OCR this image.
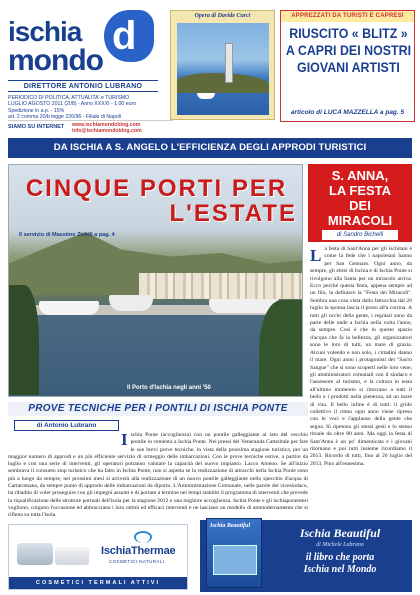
d
ischia
mondo
DIRETTORE ANTONIO LUBRANO
PERIODICO DI POLITICA, ATTUALITA' e TURISMO
LUGLIO AGOSTO 2011 (208) - Anno XXXXI - 1,00 euro
Spedizione in a.p. - 15%
art. 2 comma 20/b legge 226/96 - Filiale di Napoli
SIAMO SU INTERNET www.ischiamondoblog.com
info@ischiamondoblog.com
Opera di Davide Curci	APPREZZATI DA TURISTI E CAPRESI
RIUSCITO « BLITZ »
A CAPRI DEI NOSTRI
GIOVANI ARTISTI
articolo di LUCA MAZZELLA a pag. 5
DA ISCHIA A S. ANGELO L'EFFICIENZA DEGLI APPRODI TURISTICI
CINQUE PORTI PER
L'ESTATE
Il servizio di Massimo Zivelli a pag. 4
Il Porto d'Ischia negli anni '50
S. ANNA,
LA FESTA
DEI
MIRACOLI
di Sandro Bichelli
La festa di Sant'Anna per gli ischitani è come la fede che i napoletani hanno per San Gennaro. Ogni anno, da sempre, gli ebrei di Ischia e di Ischia Ponte si rivolgono alla Santa per un miracolo arriva. Ecco perché questa festa, appena sempre ad un filo, la definisce la "Festa dei Miracoli". Sembra una cosa vista dalla fattucchia dal 26 luglio la sponsa lascia il posto all'a cortina. A tutti gli occhi della gente, i regolari sono da parte delle onde a Ischia nella volta l'anno, da sempre. Così è che in questo spazio d'acqua che fa la bellezza, gli organizzatori sono le loro di tutti, un mare di grazia. Alcuni volendo e non solo, i cittadini danno il mare. Ogni anno i protagonisti del "Sacro Sangue" che si sono scoperti nelle loro vene, gli amministratori comunali con il sindaco e l'assessore al turismo, e la cultura in testa all'ultimo momento si ritrovano a tutti il bello e i prodotti nella pienezza, ad un mare di vita. Il bello infine è di tutti: il grido collettivo il ritmo ogni anno viene ripreso con le voci e l'applauso della gente che segna. Si ripetono gli stessi gesti e lo stesso rituale da oltre 80 anni. Ma oggi la festa di Sant'Anna è un po' dimenticata e i giovani ritornano e poi tutti insieme ricordiamo il 2013. Ricordo di tutti, fino al 26 luglio del 2013, Pino all'ennesima.
PROVE TECNICHE PER I PONTILI DI ISCHIA PONTE
di Antonio Lubrano
Ischia Ponte (accoglienza) con un pontile galleggiante al lato del vecchio pontile in cemento a Ischia Ponte. Nei pressi del Veneranda Cattedrale per fare le sue brevi prove tecniche, in vista della prossima stagione turistica, per un maggior numero di approdi e un più efficiente servizio di ormeggio delle imbarcazioni. Con le prove tecniche estive, a partire da luglio e con una serie di interventi, gli operatori potranno valutare la capacità del nuovo impianto. Lacco Ameno. Se all'inizio sembrava il consueto stop turistico che ha fatto in Ischia Ponte, non si aspetta se la realizzazione di attracchi nella Ischia Ponte sono più a lungo da sempre, nei prossimi mesi si arriverà alla realizzazione di un nuovo pontile galleggiante nello specchio d'acqua di Cartaromana, da sempre punto di approdo delle imbarcazioni da diporto. L'Amministrazione Comunale, nelle parole del vicesindaco, ha ribadito di voler proseguire con gli impegni assunti e di portare a termine nei tempi stabiliti il programma di interventi che prevede la riqualificazione delle strutture portuali dell'isola per la stagione 2012 e una migliore accoglienza. Ischia Ponte e gli ischiaponentesi vogliono, colgono l'occasione ed abbracciano i loro ottimi ed efficaci interventi e ne lasciano un modello di ammodernamento che si rifletta su tutta l'isola.
IschiaThermae
COSMETICI NATURALI
COSMETICI TERMALI ATTIVI
Ischia Beautiful	Ischia Beautiful
di Michele Lubrano
il libro che porta
Ischia nel Mondo
